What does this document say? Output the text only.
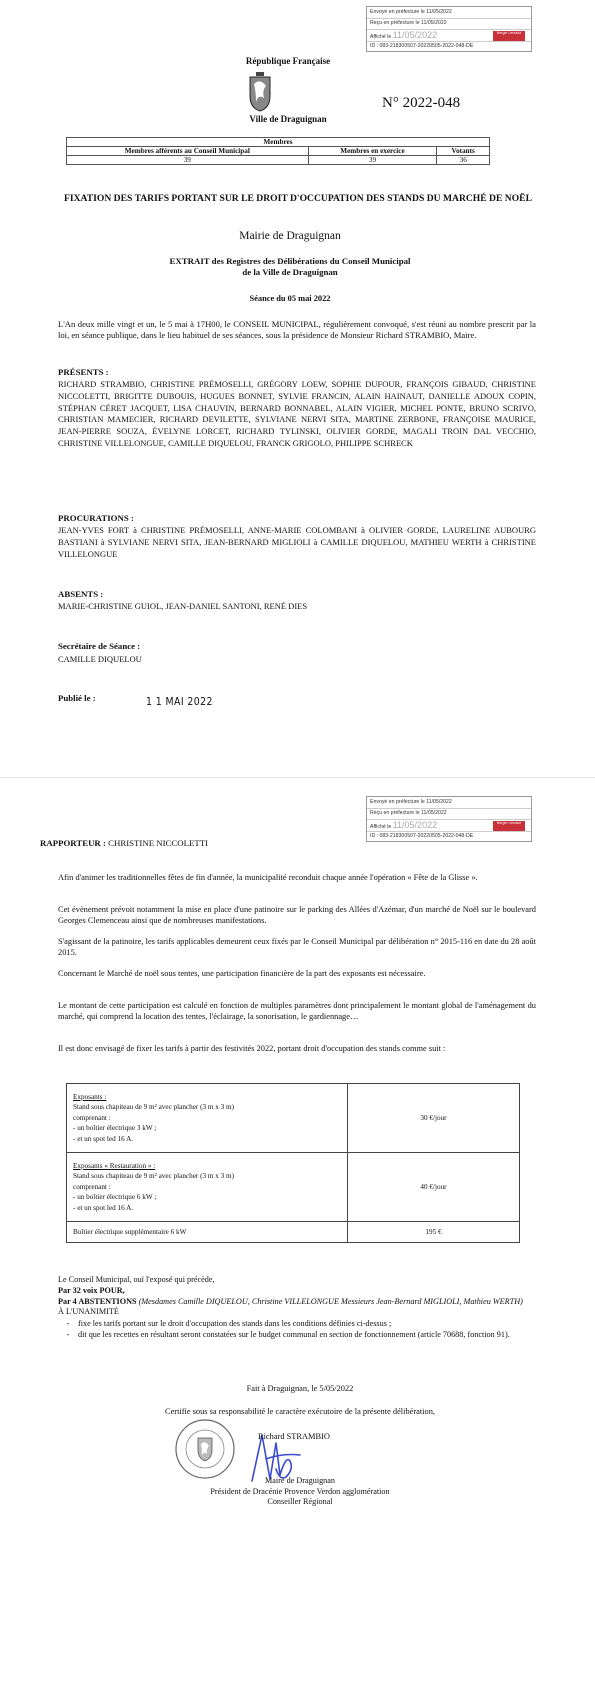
Envoyé en préfecture le 11/05/2022
Reçu en préfecture le 11/05/2022
Affiché le 11/05/2022	Berger Levrault
ID : 083-218300507-20220505-2022-048-DE
République Française
Ville de Draguignan
N° 2022-048
Membres		
Membres afférents au Conseil Municipal	Membres en exercice	Votants
39	39	36
FIXATION DES TARIFS PORTANT SUR LE DROIT D'OCCUPATION DES STANDS DU MARCHÉ DE NOËL
Mairie de Draguignan
EXTRAIT des Registres des Délibérations du Conseil Municipal
de la Ville de Draguignan
Séance du 05 mai 2022
L'An deux mille vingt et un, le 5 mai à 17H00, le CONSEIL MUNICIPAL, régulièrement convoqué, s'est réuni au nombre prescrit par la loi, en séance publique, dans le lieu habituel de ses séances, sous la présidence de Monsieur Richard STRAMBIO, Maire.
PRÉSENTS :
RICHARD STRAMBIO, CHRISTINE PRÉMOSELLI, GRÉGORY LOEW, SOPHIE DUFOUR, FRANÇOIS GIBAUD, CHRISTINE NICCOLETTI, BRIGITTE DUBOUIS, HUGUES BONNET, SYLVIE FRANCIN, ALAIN HAINAUT, DANIELLE ADOUX COPIN, STÉPHAN CÉRET JACQUET, LISA CHAUVIN, BERNARD BONNABEL, ALAIN VIGIER, MICHEL PONTE, BRUNO SCRIVO, CHRISTIAN MAMECIER, RICHARD DEVILETTE, SYLVIANE NERVI SITA, MARTINE ZERBONE, FRANÇOISE MAURICE, JEAN-PIERRE SOUZA, ÉVELYNE LORCET, RICHARD TYLINSKI, OLIVIER GORDE, MAGALI TROIN DAL VECCHIO, CHRISTINE VILLELONGUE, CAMILLE DIQUELOU, FRANCK GRIGOLO, PHILIPPE SCHRECK
PROCURATIONS :
JEAN-YVES FORT à CHRISTINE PRÉMOSELLI, ANNE-MARIE COLOMBANI à OLIVIER GORDE, LAURELINE AUBOURG BASTIANI à SYLVIANE NERVI SITA, JEAN-BERNARD MIGLIOLI à CAMILLE DIQUELOU, MATHIEU WERTH à CHRISTINE VILLELONGUE
ABSENTS :
MARIE-CHRISTINE GUIOL, JEAN-DANIEL SANTONI, RENÉ DIES
Secrétaire de Séance :
CAMILLE DIQUELOU
Publié le :	1 1 MAI 2022
Envoyé en préfecture le 11/05/2022
Reçu en préfecture le 11/05/2022
Affiché le 11/05/2022	Berger Levrault
ID : 083-218300507-20220505-2022-048-DE
RAPPORTEUR : CHRISTINE NICCOLETTI
Afin d'animer les traditionnelles fêtes de fin d'année, la municipalité reconduit chaque année l'opération « Fête de la Glisse ».
Cet évènement prévoit notamment la mise en place d'une patinoire sur le parking des Allées d'Azémar, d'un marché de Noël sur le boulevard Georges Clemenceau ainsi que de nombreuses manifestations.
S'agissant de la patinoire, les tarifs applicables demeurent ceux fixés par le Conseil Municipal par délibération n° 2015-116 en date du 28 août 2015.
Concernant le Marché de noël sous tentes, une participation financière de la part des exposants est nécessaire.
Le montant de cette participation est calculé en fonction de multiples paramètres dont principalement le montant global de l'aménagement du marché, qui comprend la location des tentes, l'éclairage, la sonorisation, le gardiennage…
Il est donc envisagé de fixer les tarifs à partir des festivités 2022, portant droit d'occupation des stands comme suit :
Exposants :
Stand sous chapiteau de 9 m² avec plancher (3 m x 3 m)
comprenant :
- un boîtier électrique 3 kW ;
- et un spot led 16 A.	30 €/jour

Exposants « Restauration » :
Stand sous chapiteau de 9 m² avec plancher (3 m x 3 m)
comprenant :
- un boîtier électrique 6 kW ;
- et un spot led 16 A.	40 €/jour

Boîtier électrique supplémentaire 6 kW	195 €
Le Conseil Municipal, ouï l'exposé qui précède,
Par 32 voix POUR,
Par 4 ABSTENTIONS (Mesdames Camille DIQUELOU, Christine VILLELONGUE Messieurs Jean-Bernard MIGLIOLI, Mathieu WERTH)
À L'UNANIMITÉ
-	fixe les tarifs portant sur le droit d'occupation des stands dans les conditions définies ci-dessus ;
-	dit que les recettes en résultant seront constatées sur le budget communal en section de fonctionnement (article 70688, fonction 91).
Fait à Draguignan, le 5/05/2022
Certifie sous sa responsabilité le caractère exécutoire de la présente délibération,
Richard STRAMBIO
Maire de Draguignan
Président de Dracénie Provence Verdon agglomération
Conseiller Régional
